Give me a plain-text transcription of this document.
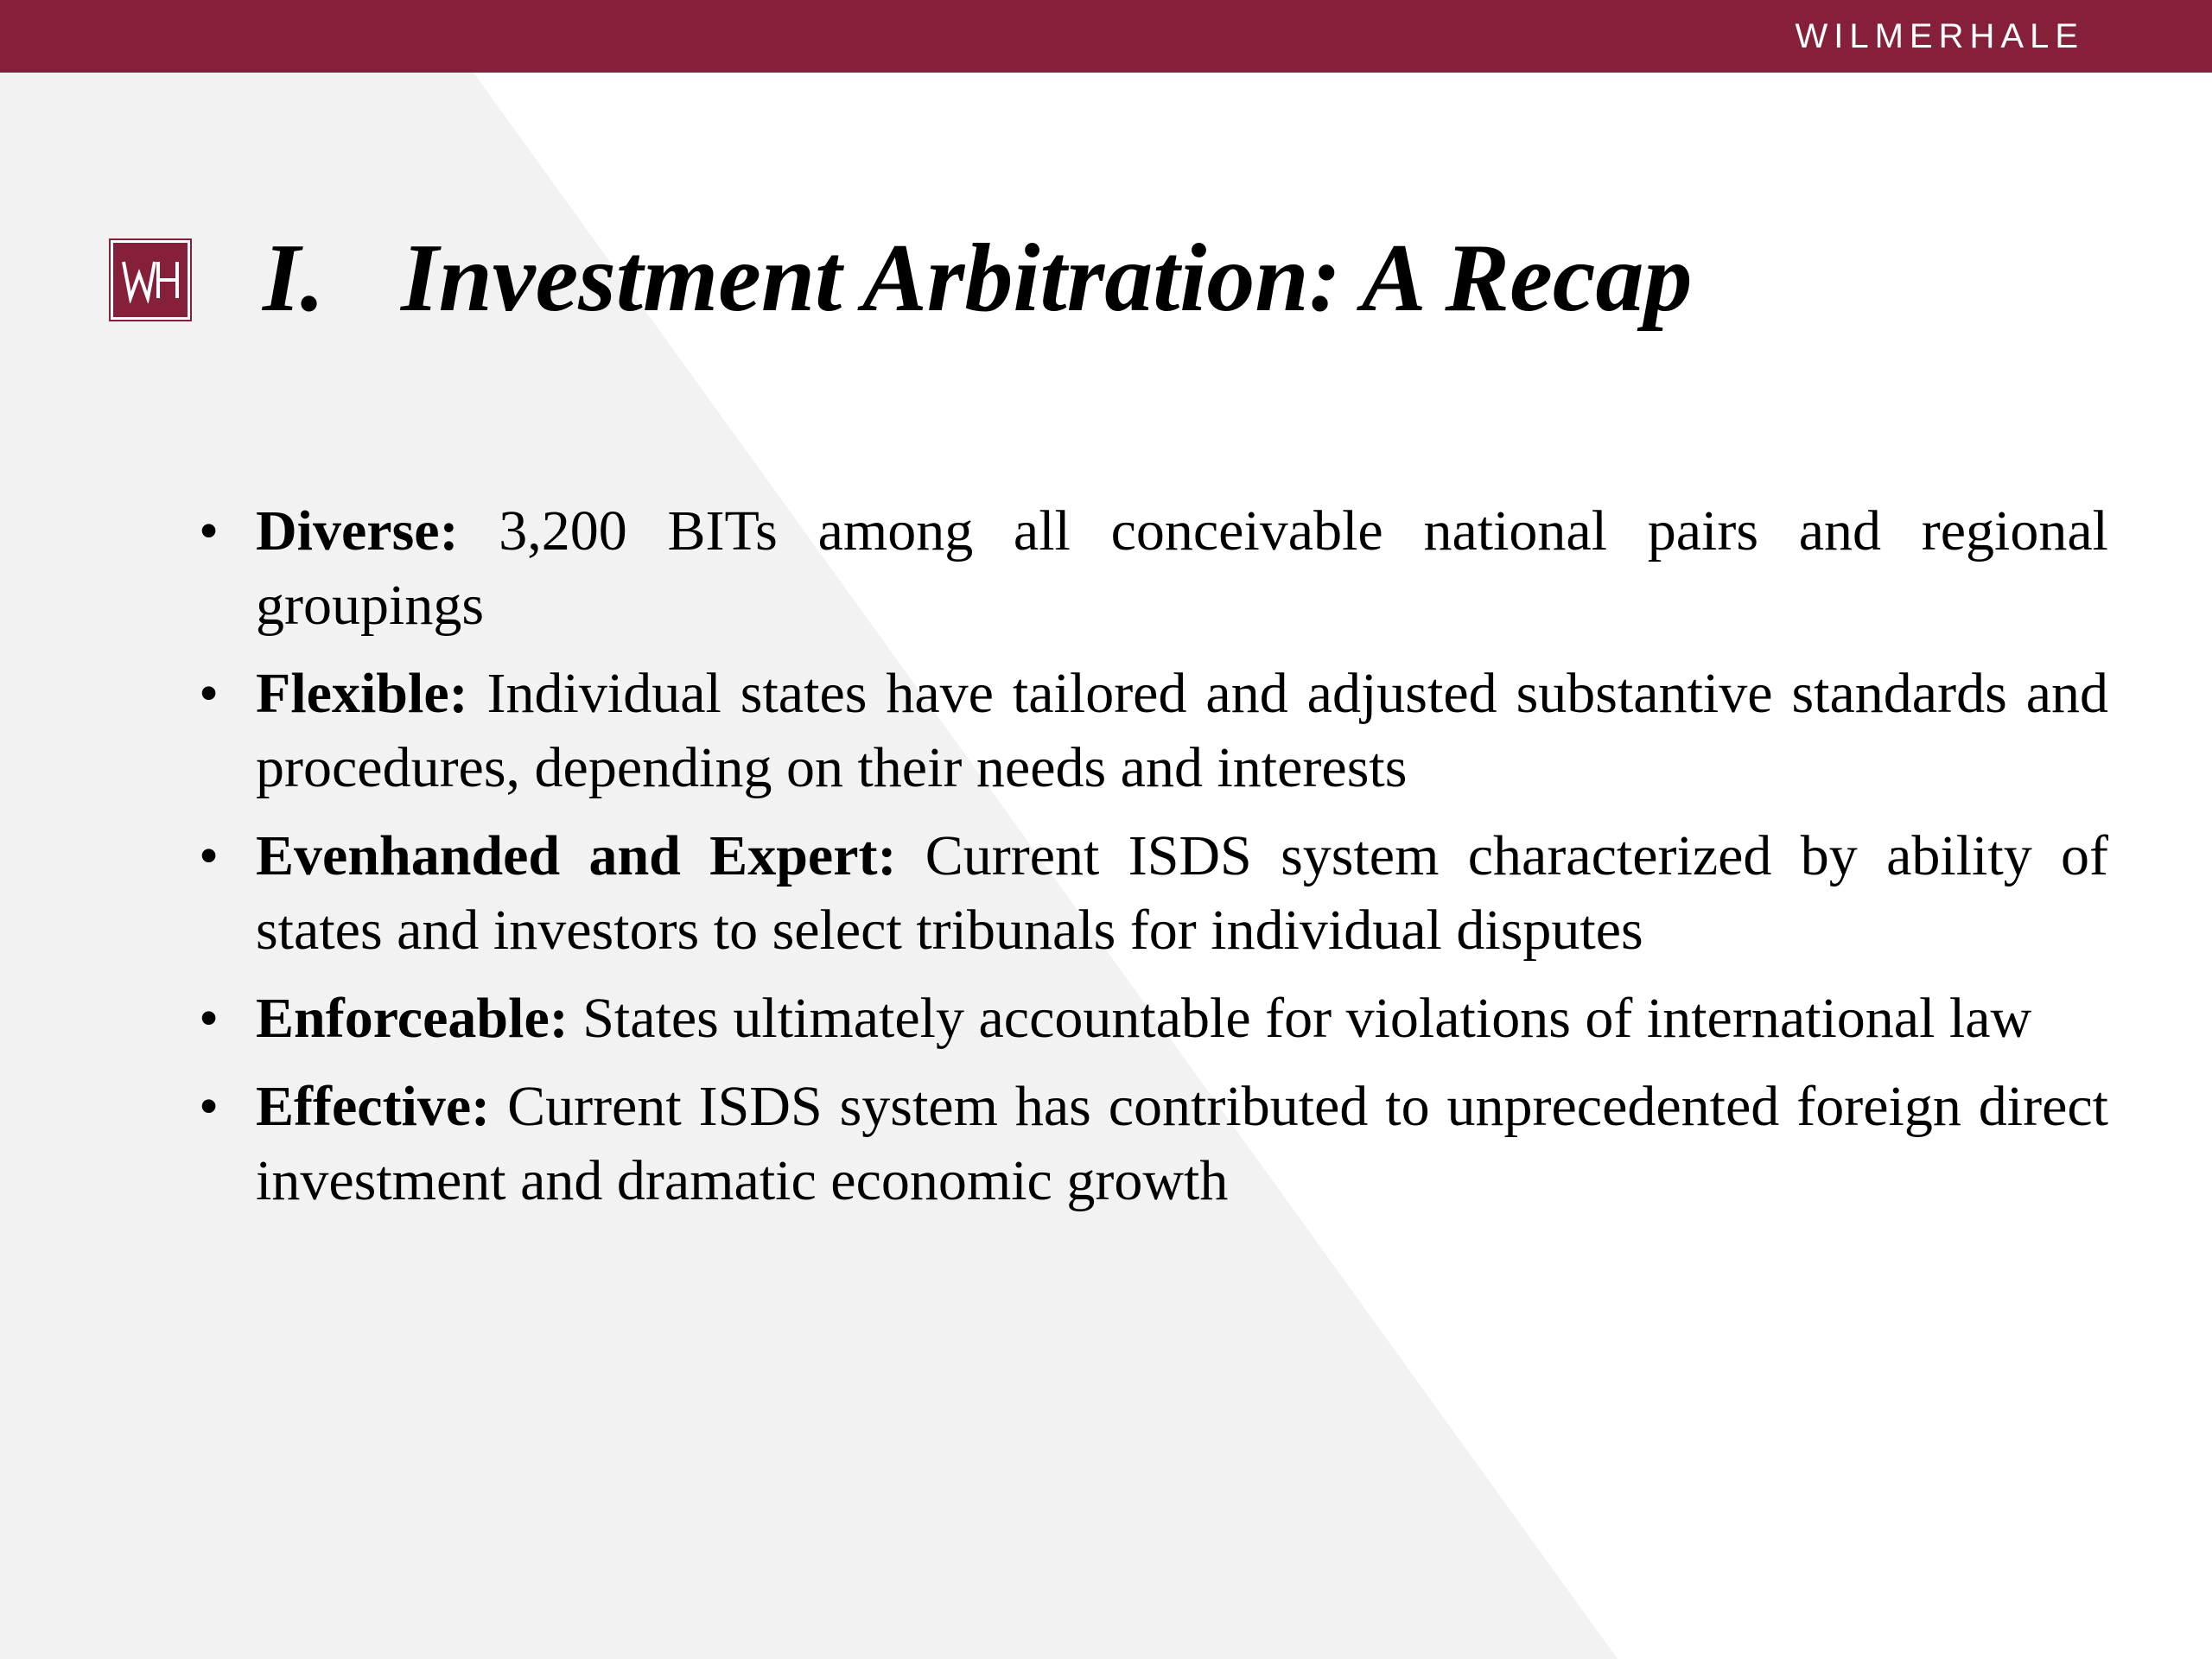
WILMERHALE
I. Investment Arbitration: A Recap
• Diverse: 3,200 BITs among all conceivable national pairs and regional groupings
• Flexible: Individual states have tailored and adjusted substantive standards and procedures, depending on their needs and interests
• Evenhanded and Expert: Current ISDS system characterized by ability of states and investors to select tribunals for individual disputes
• Enforceable: States ultimately accountable for violations of international law
• Effective: Current ISDS system has contributed to unprecedented foreign direct investment and dramatic economic growth
